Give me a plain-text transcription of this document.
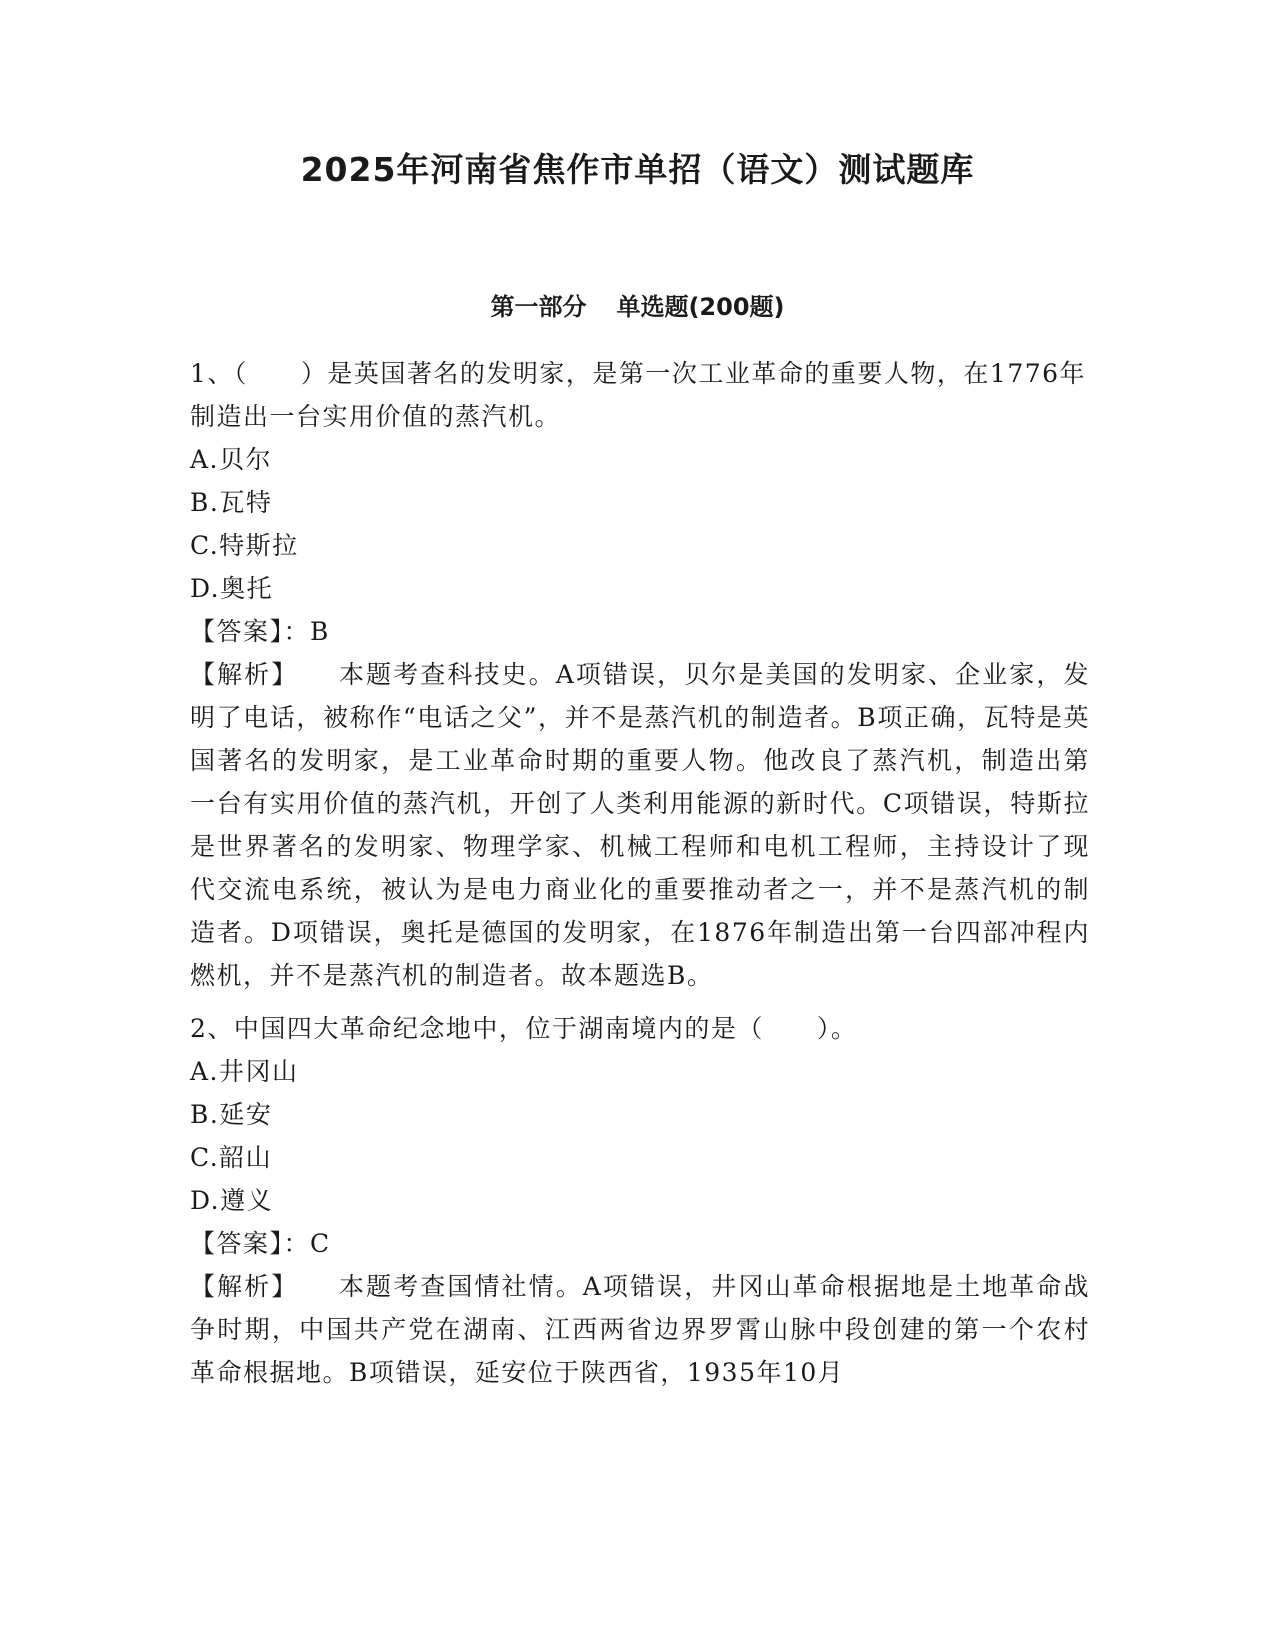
2025年河南省焦作市单招（语文）测试题库
第一部分 单选题(200题)

1、（　　）是英国著名的发明家，是第一次工业革命的重要人物，在1776年制造出一台实用价值的蒸汽机。

A.贝尔

B.瓦特

C.特斯拉

D.奥托

【答案】：B

【解析】 本题考查科技史。A项错误，贝尔是美国的发明家、企业家，发明了电话，被称作“电话之父”，并不是蒸汽机的制造者。B项正确，瓦特是英国著名的发明家，是工业革命时期的重要人物。他改良了蒸汽机，制造出第一台有实用价值的蒸汽机，开创了人类利用能源的新时代。C项错误，特斯拉是世界著名的发明家、物理学家、机械工程师和电机工程师，主持设计了现代交流电系统，被认为是电力商业化的重要推动者之一，并不是蒸汽机的制造者。D项错误，奥托是德国的发明家，在1876年制造出第一台四部冲程内燃机，并不是蒸汽机的制造者。故本题选B。

2、中国四大革命纪念地中，位于湖南境内的是（　　）。

A.井冈山

B.延安

C.韶山

D.遵义

【答案】：C

【解析】 本题考查国情社情。A项错误，井冈山革命根据地是土地革命战争时期，中国共产党在湖南、江西两省边界罗霄山脉中段创建的第一个农村革命根据地。B项错误，延安位于陕西省，1935年10月
